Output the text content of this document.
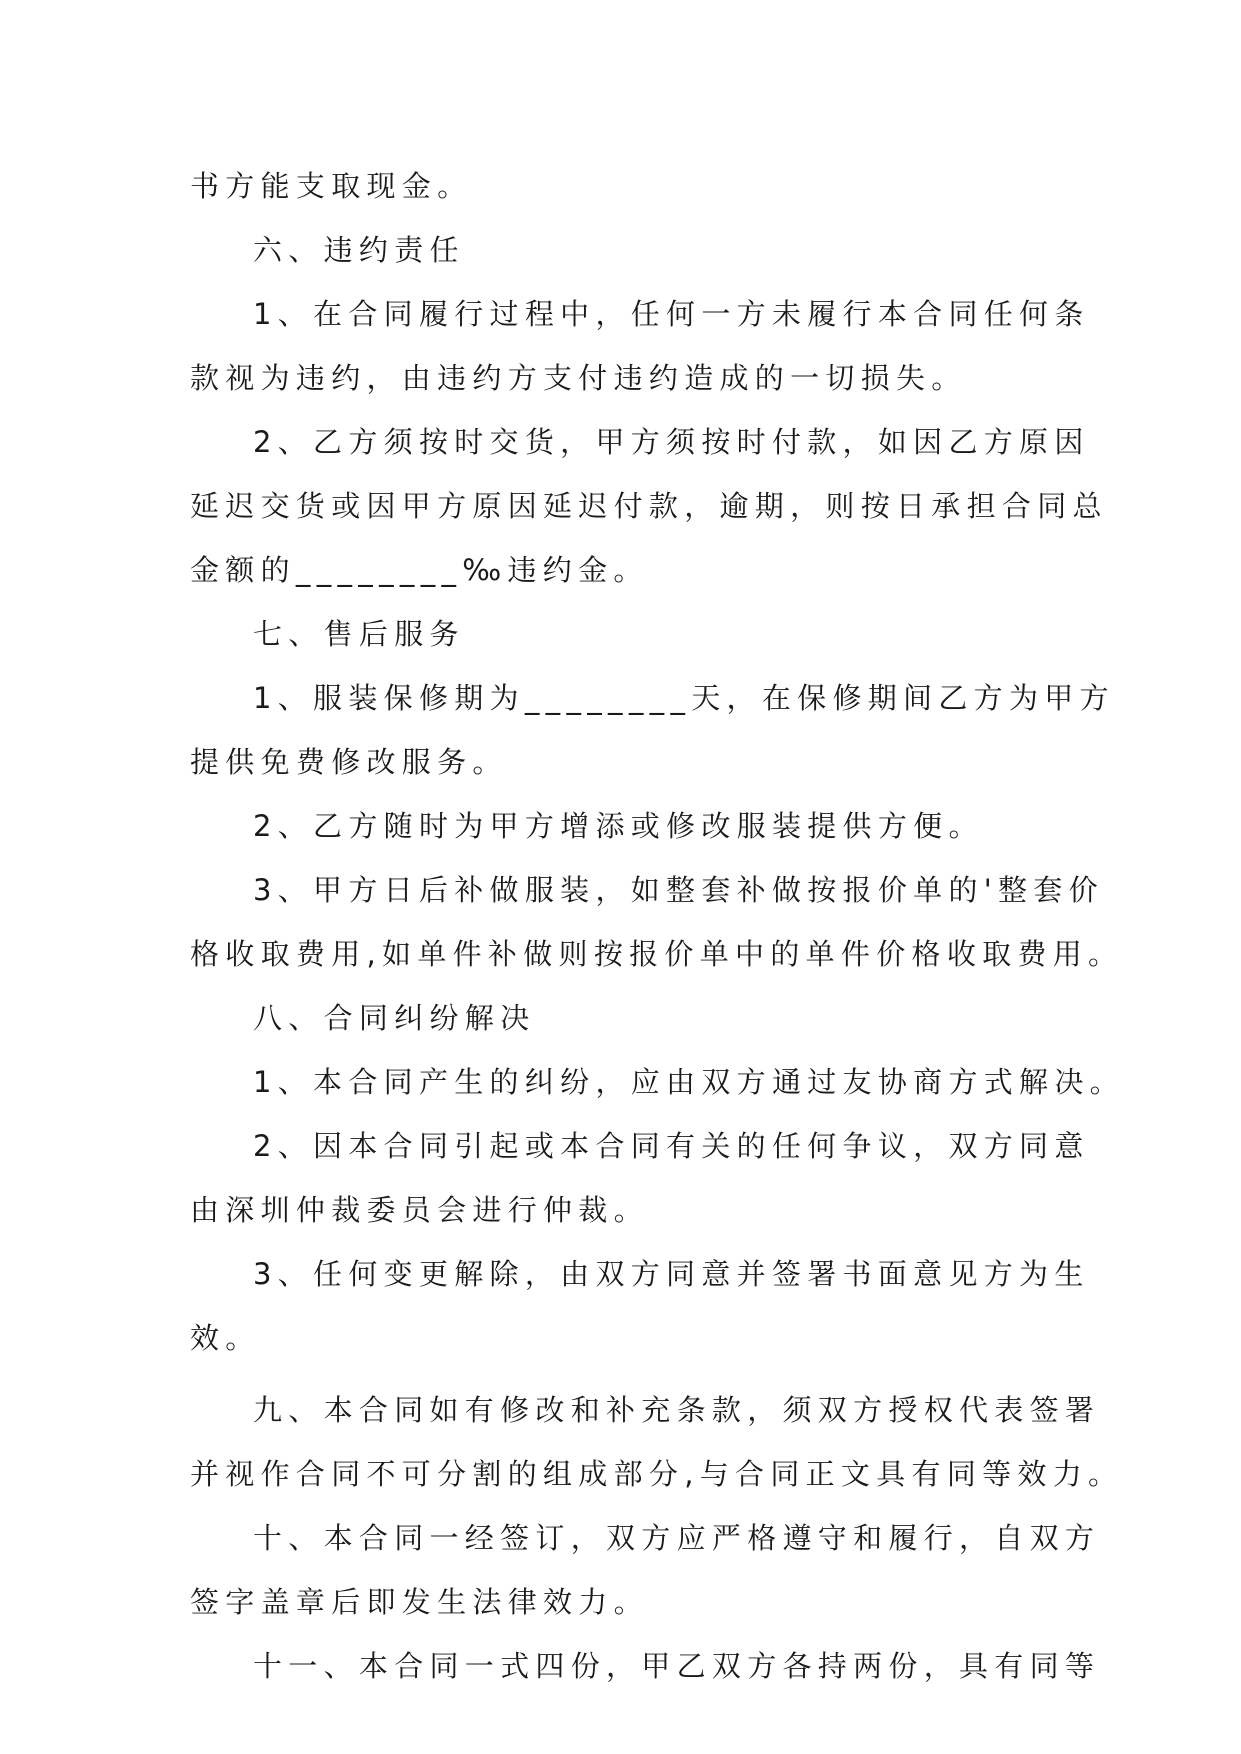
书方能支取现金。
六、违约责任
1、在合同履行过程中，任何一方未履行本合同任何条
款视为违约，由违约方支付违约造成的一切损失。
2、乙方须按时交货，甲方须按时付款，如因乙方原因
延迟交货或因甲方原因延迟付款，逾期，则按日承担合同总
金额的________‰违约金。
七、售后服务
1、服装保修期为________天，在保修期间乙方为甲方
提供免费修改服务。
2、乙方随时为甲方增添或修改服装提供方便。
3、甲方日后补做服装，如整套补做按报价单的'整套价
格收取费用,如单件补做则按报价单中的单件价格收取费用。
八、合同纠纷解决
1、本合同产生的纠纷，应由双方通过友协商方式解决。
2、因本合同引起或本合同有关的任何争议，双方同意
由深圳仲裁委员会进行仲裁。
3、任何变更解除，由双方同意并签署书面意见方为生
效。
九、本合同如有修改和补充条款，须双方授权代表签署
并视作合同不可分割的组成部分,与合同正文具有同等效力。
十、本合同一经签订，双方应严格遵守和履行，自双方
签字盖章后即发生法律效力。
十一、本合同一式四份，甲乙双方各持两份，具有同等
